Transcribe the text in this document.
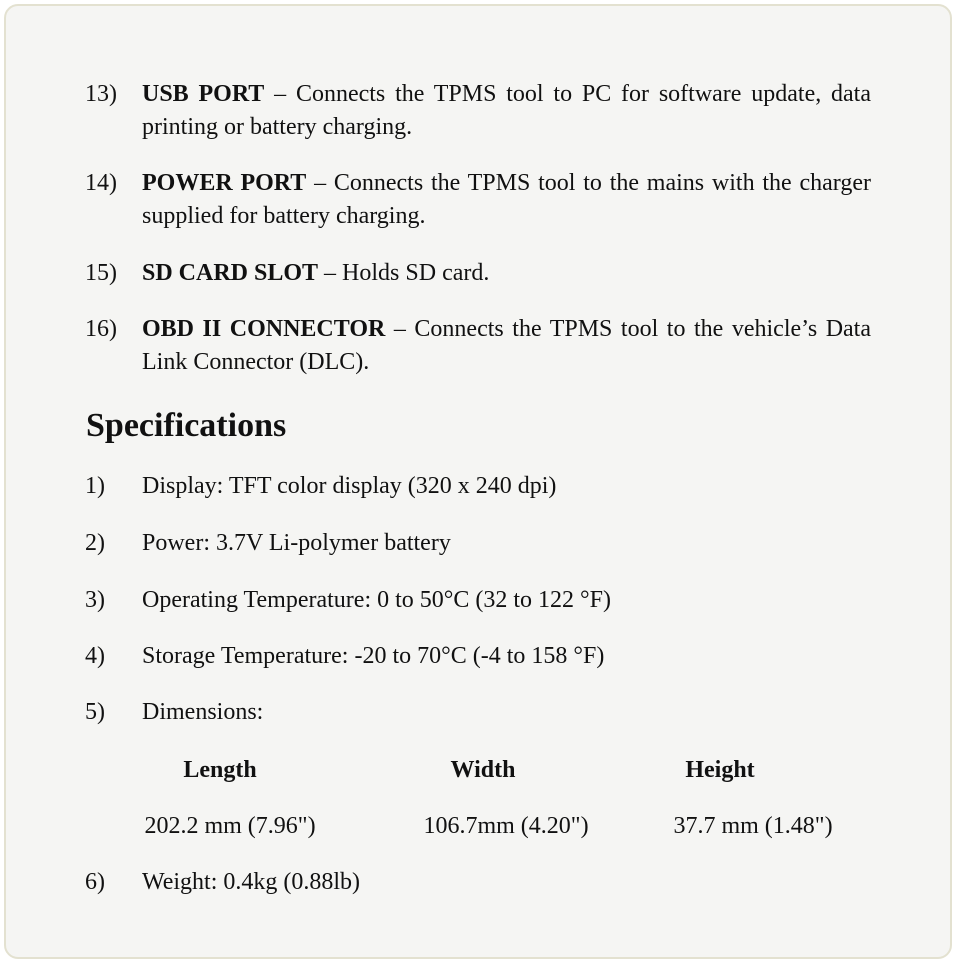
13) USB PORT – Connects the TPMS tool to PC for software update, data printing or battery charging.
14) POWER PORT – Connects the TPMS tool to the mains with the charger supplied for battery charging.
15) SD CARD SLOT – Holds SD card.
16) OBD II CONNECTOR – Connects the TPMS tool to the vehicle’s Data Link Connector (DLC).
Specifications
1) Display: TFT color display (320 x 240 dpi)
2) Power: 3.7V Li-polymer battery
3) Operating Temperature: 0 to 50°C (32 to 122 °F)
4) Storage Temperature: -20 to 70°C (-4 to 158 °F)
5) Dimensions:
Length	Width	Height
202.2 mm (7.96")	106.7mm (4.20")	37.7 mm (1.48")
6) Weight: 0.4kg (0.88lb)
